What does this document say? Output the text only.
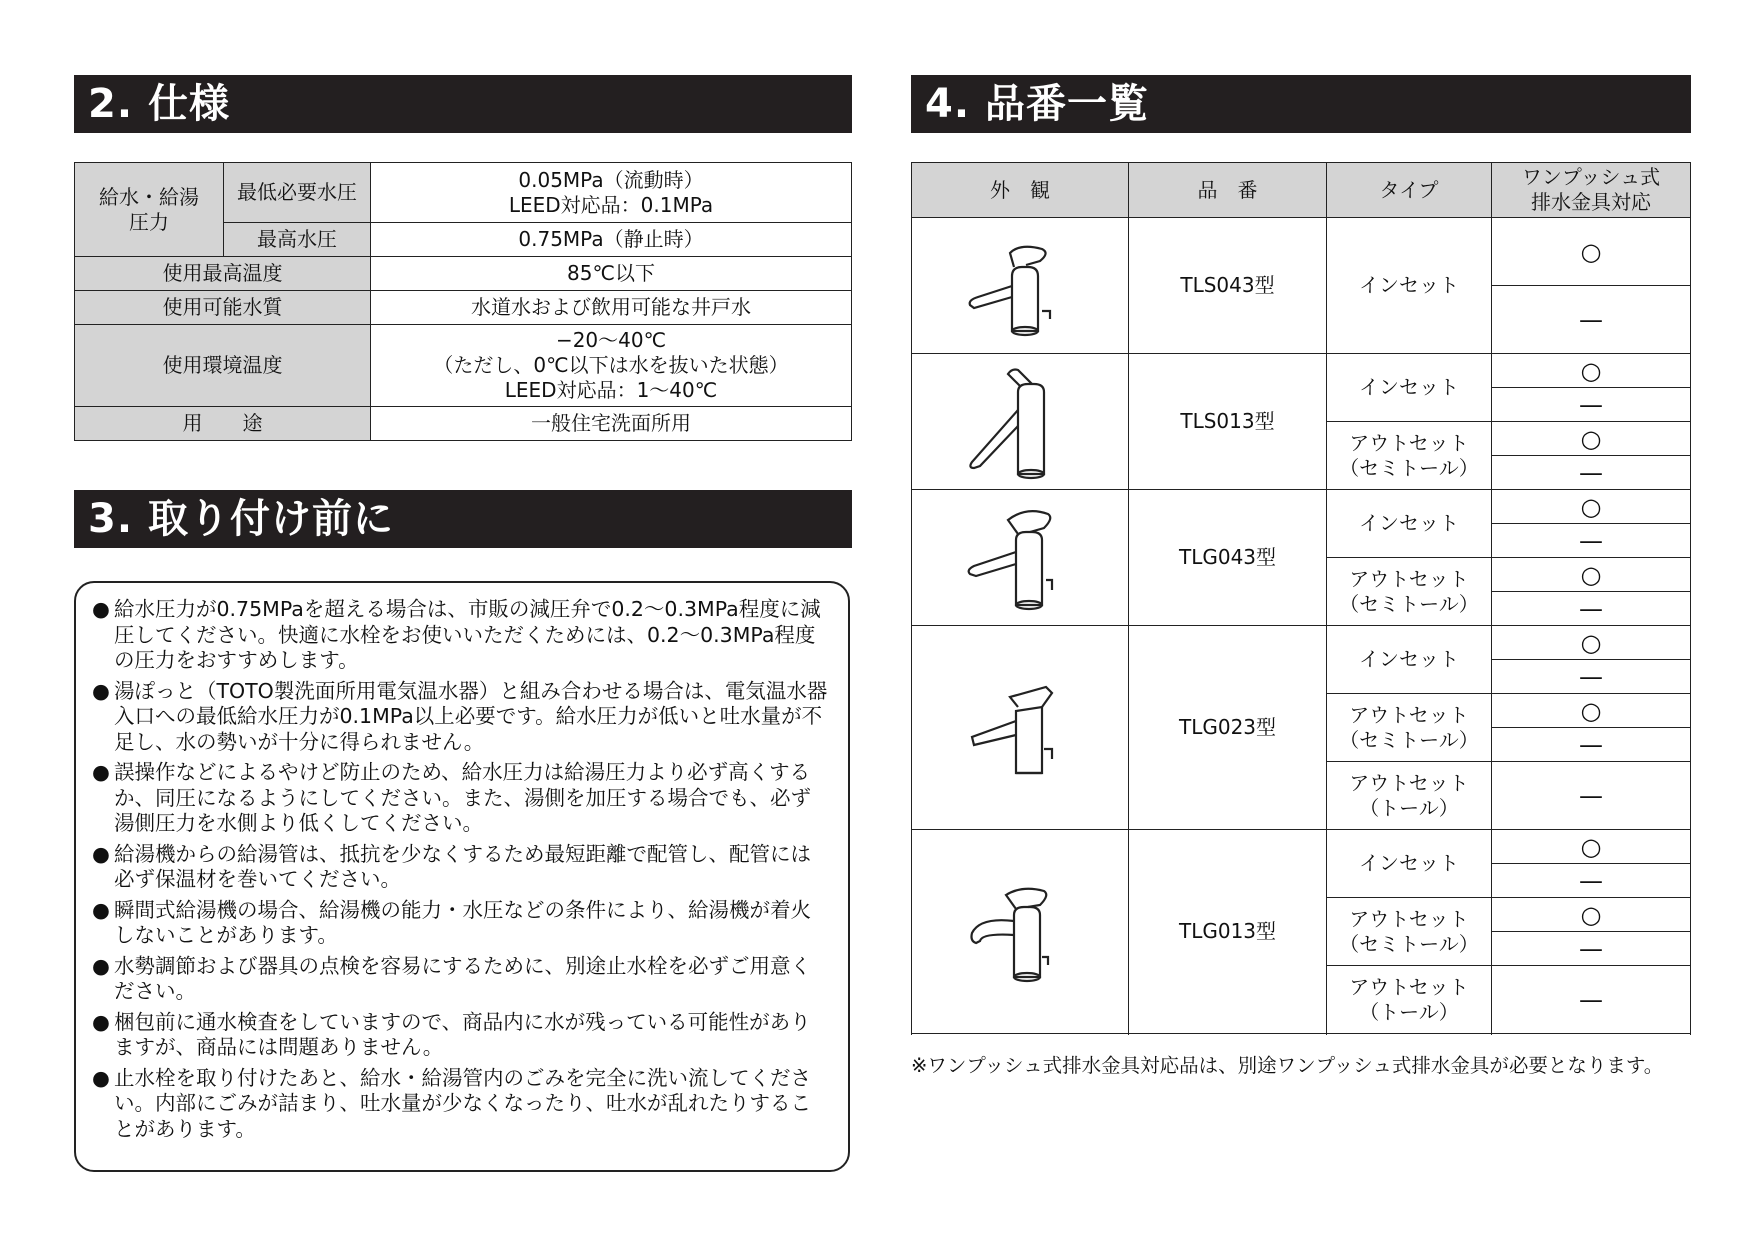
2. 仕様
3. 取り付け前に
4. 品番一覧
給水・給湯
圧力	最低必要水圧	0.05MPa（流動時）
LEED対応品：0.1MPa
	最高水圧	0.75MPa（静止時）
使用最高温度		85℃以下
使用可能水質		水道水および飲用可能な井戸水
使用環境温度		−20〜40℃
（ただし、0℃以下は水を抜いた状態）
LEED対応品：1〜40℃
用　　途		一般住宅洗面所用
● 給水圧力が0.75MPaを超える場合は、市販の減圧弁で0.2〜0.3MPa程度に減圧してください。快適に水栓をお使いいただくためには、0.2〜0.3MPa程度の圧力をおすすめします。
● 湯ぽっと（TOTO製洗面所用電気温水器）と組み合わせる場合は、電気温水器入口への最低給水圧力が0.1MPa以上必要です。給水圧力が低いと吐水量が不足し、水の勢いが十分に得られません。
● 誤操作などによるやけど防止のため、給水圧力は給湯圧力より必ず高くするか、同圧になるようにしてください。また、湯側を加圧する場合でも、必ず湯側圧力を水側より低くしてください。
● 給湯機からの給湯管は、抵抗を少なくするため最短距離で配管し、配管には必ず保温材を巻いてください。
● 瞬間式給湯機の場合、給湯機の能力・水圧などの条件により、給湯機が着火しないことがあります。
● 水勢調節および器具の点検を容易にするために、別途止水栓を必ずご用意ください。
● 梱包前に通水検査をしていますので、商品内に水が残っている可能性がありますが、商品には問題ありません。
● 止水栓を取り付けたあと、給水・給湯管内のごみを完全に洗い流してください。内部にごみが詰まり、吐水量が少なくなったり、吐水が乱れたりすることがあります。
外　観	品　番	タイプ	ワンプッシュ式
排水金具対応

	TLS043型	インセット	○
			—

	TLS013型	インセット	○
			—
		アウトセット
（セミトール）	○
			—

	TLG043型	インセット	○
			—
		アウトセット
（セミトール）	○
			—

	TLG023型	インセット	○
			—
		アウトセット
（セミトール）	○
			—
		アウトセット
（トール）	—

	TLG013型	インセット	○
			—
		アウトセット
（セミトール）	○
			—
		アウトセット
（トール）	—

※ワンプッシュ式排水金具対応品は、別途ワンプッシュ式排水金具が必要となります。
